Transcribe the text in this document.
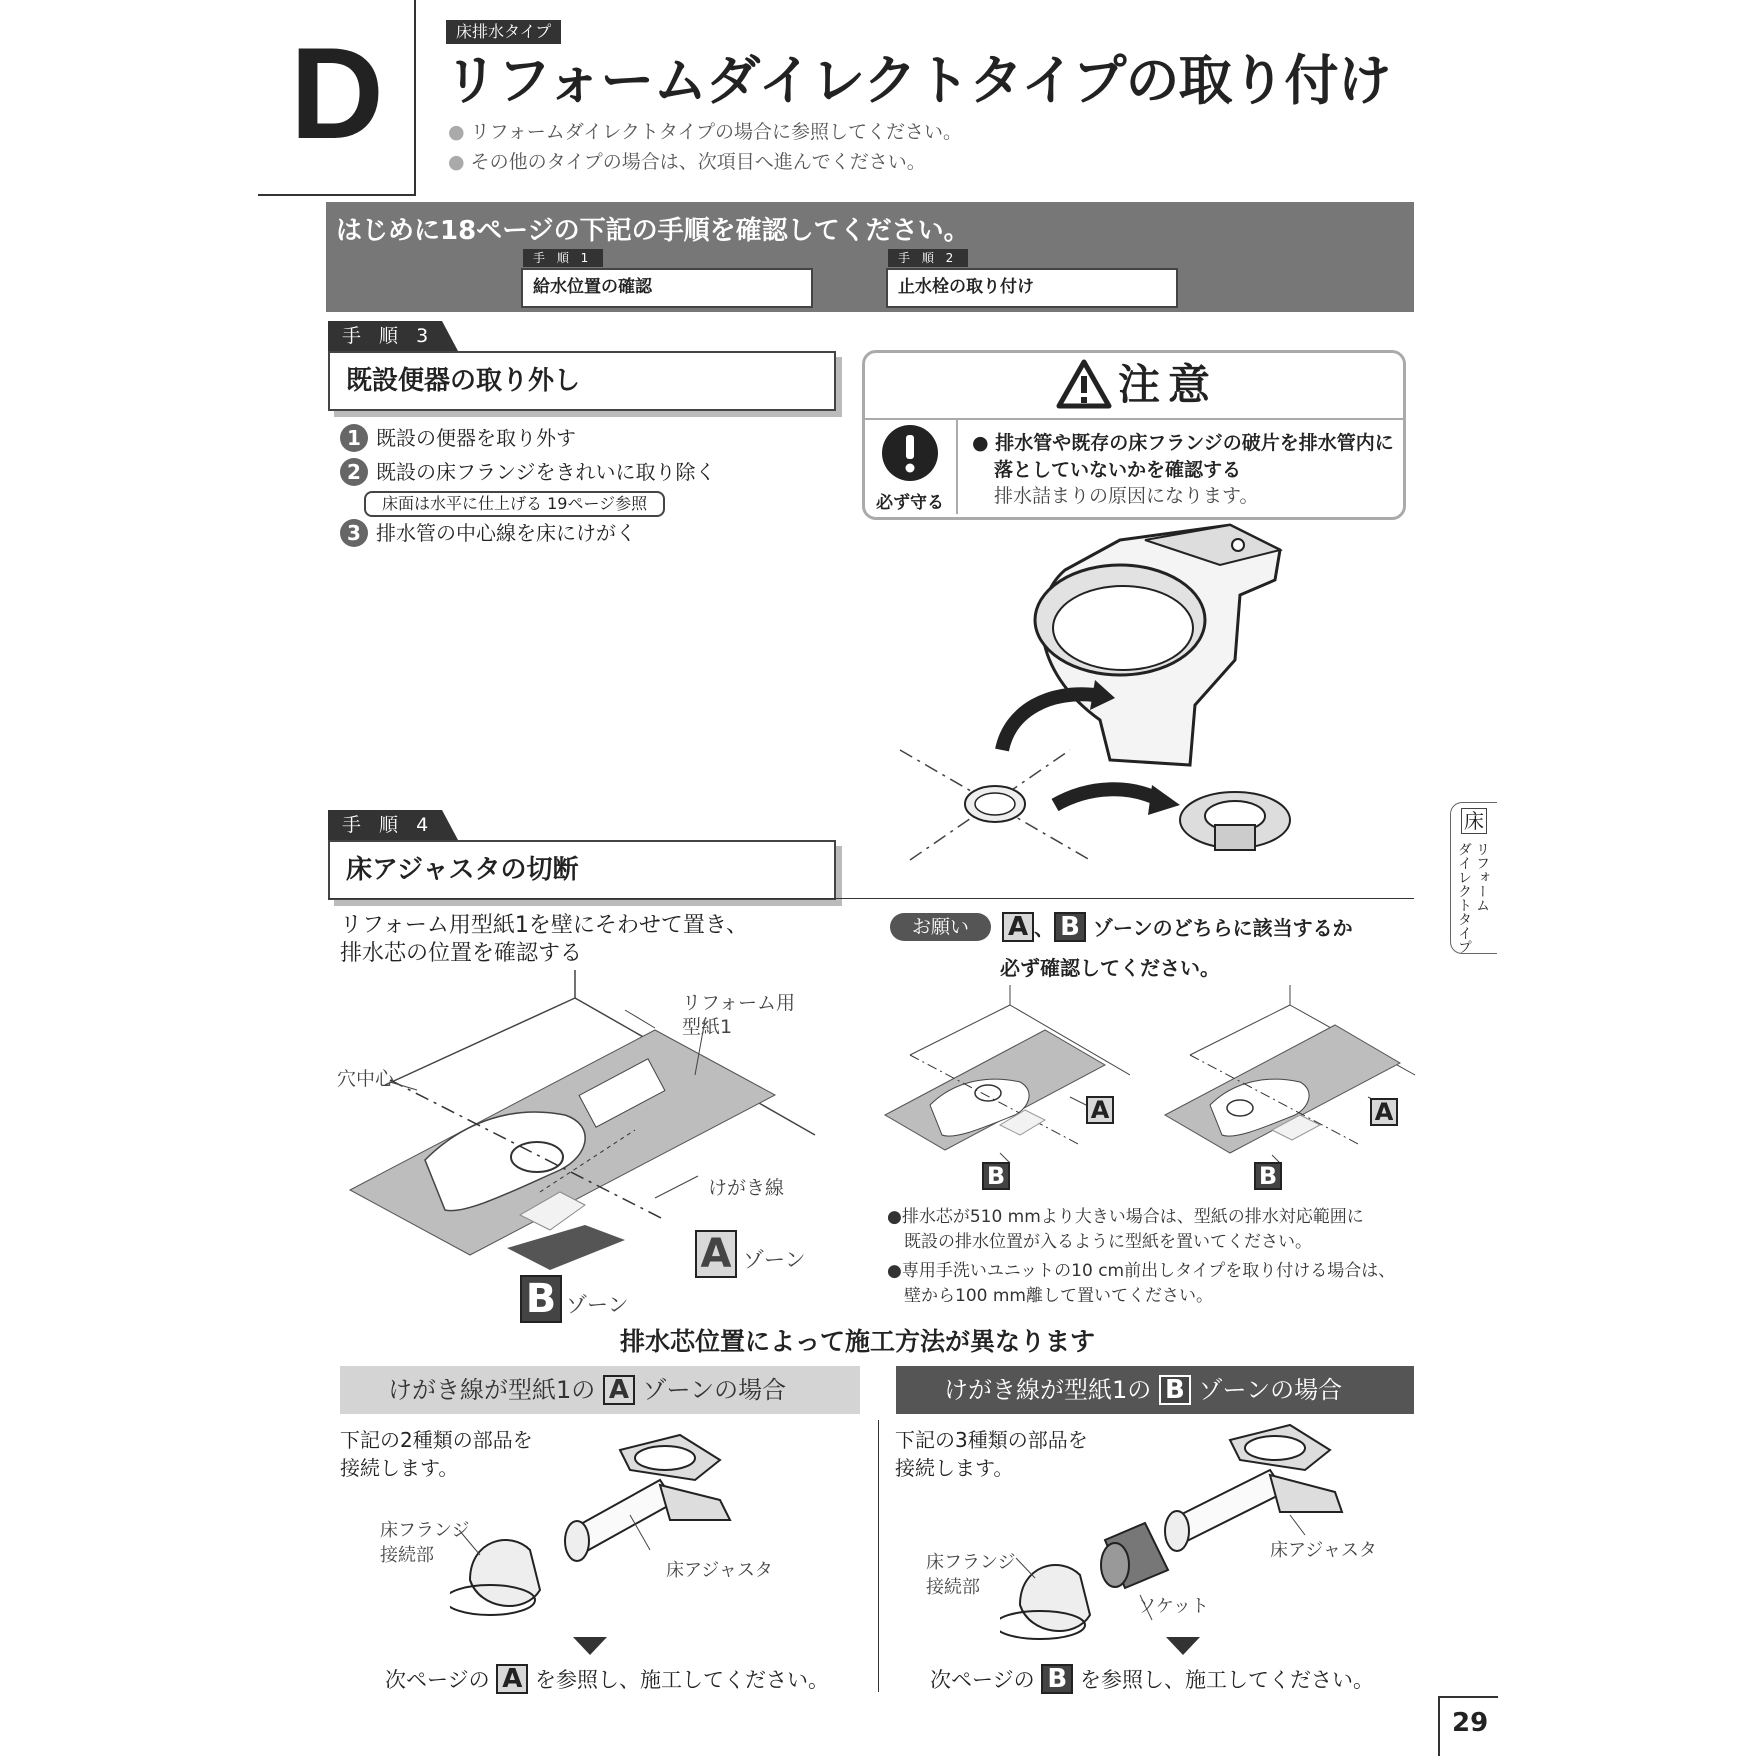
D	床排水タイプ
リフォームダイレクトタイプの取り付け
● リフォームダイレクトタイプの場合に参照してください。
● その他のタイプの場合は、次項目へ進んでください。
はじめに18ページの下記の手順を確認してください。
手 順 1
給水位置の確認
手 順 2
止水栓の取り付け
手 順 3
既設便器の取り外し
1 既設の便器を取り外す
2 既設の床フランジをきれいに取り除く
床面は水平に仕上げる 19ページ参照
3 排水管の中心線を床にけがく
注意
必ず守る
● 排水管や既存の床フランジの破片を排水管内に
落としていないかを確認する
排水詰まりの原因になります。
床
リフォーム
ダイレクトタイプ
手 順 4
床アジャスタの切断
リフォーム用型紙1を壁にそわせて置き、
排水芯の位置を確認する
リフォーム用
型紙1
穴中心
けがき線
A ゾーン
B ゾーン
お願い	A 、 B ゾーンのどちらに該当するか
必ず確認してください。
A
B
A
B
●排水芯が510 mmより大きい場合は、型紙の排水対応範囲に
既設の排水位置が入るように型紙を置いてください。
●専用手洗いユニットの10 cm前出しタイプを取り付ける場合は、
壁から100 mm離して置いてください。
排水芯位置によって施工方法が異なります
けがき線が型紙1の A ゾーンの場合
下記の2種類の部品を
接続します。
床フランジ
接続部
床アジャスタ
次ページの A を参照し、施工してください。
けがき線が型紙1の B ゾーンの場合
下記の3種類の部品を
接続します。
床フランジ
接続部
ソケット
床アジャスタ
次ページの B を参照し、施工してください。
29
